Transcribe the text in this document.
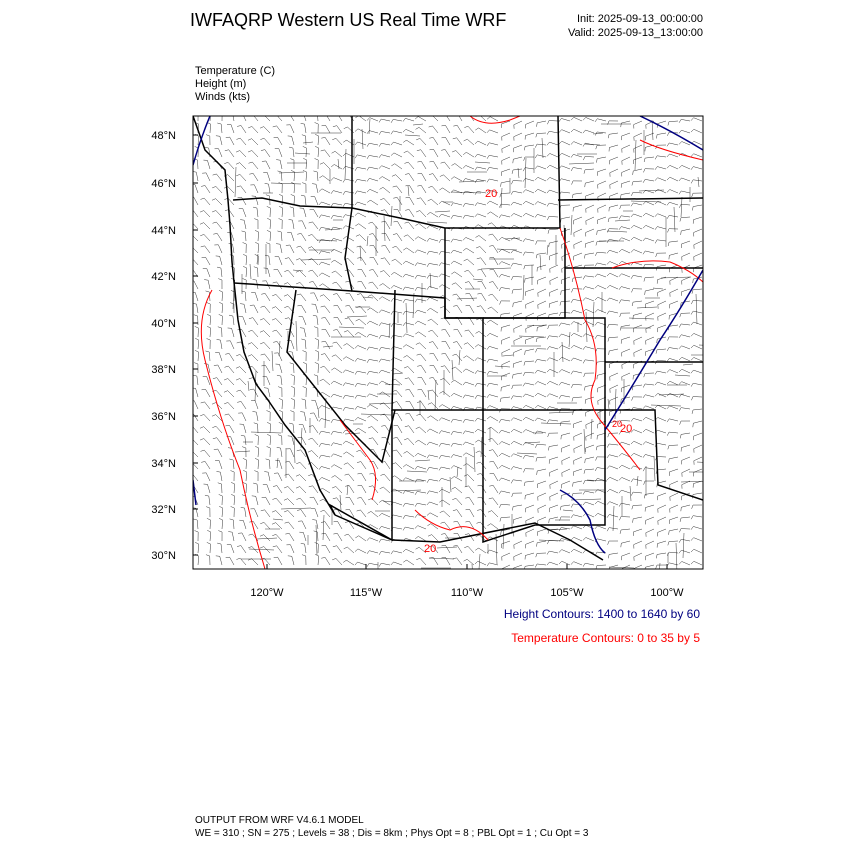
IWFAQRP Western US Real Time WRF	Init: 2025-09-13_00:00:00
Valid: 2025-09-13_13:00:00
Temperature (C)
Height (m)
Winds (kts)
48°N
46°N
44°N
42°N
40°N
38°N
36°N
34°N
32°N
30°N
120°W	115°W	110°W	105°W	100°W
20
20
20
20
Height Contours: 1400 to 1640 by 60
Temperature Contours: 0 to 35 by 5
OUTPUT FROM WRF V4.6.1 MODEL
WE = 310 ; SN = 275 ; Levels = 38 ; Dis = 8km ; Phys Opt = 8 ; PBL Opt = 1 ; Cu Opt = 3
